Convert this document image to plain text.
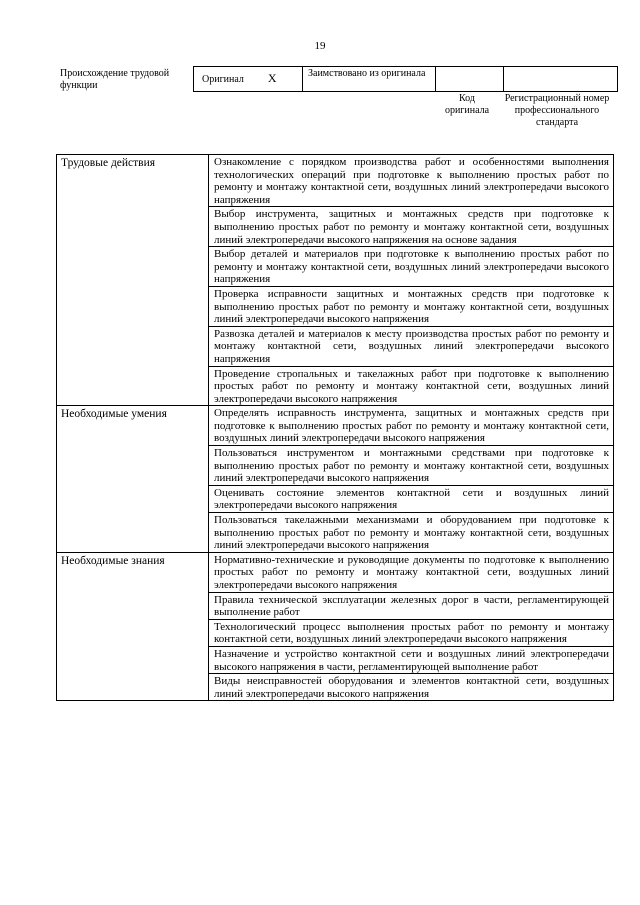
19
Происхождение трудовой функции
Оригинал X	Заимствовано из оригинала		
Код оригинала
Регистрационный номер профессионального стандарта
Трудовые действия	Ознакомление с порядком производства работ и особенностями выполнения технологических операций при подготовке к выполнению простых работ по ремонту и монтажу контактной сети, воздушных линий электропередачи высокого напряжения
	Выбор инструмента, защитных и монтажных средств при подготовке к выполнению простых работ по ремонту и монтажу контактной сети, воздушных линий электропередачи высокого напряжения на основе задания
	Выбор деталей и материалов при подготовке к выполнению простых работ по ремонту и монтажу контактной сети, воздушных линий электропередачи высокого напряжения
	Проверка исправности защитных и монтажных средств при подготовке к выполнению простых работ по ремонту и монтажу контактной сети, воздушных линий электропередачи высокого напряжения
	Развозка деталей и материалов к месту производства простых работ по ремонту и монтажу контактной сети, воздушных линий электропередачи высокого напряжения
	Проведение стропальных и такелажных работ при подготовке к выполнению простых работ по ремонту и монтажу контактной сети, воздушных линий электропередачи высокого напряжения
Необходимые умения	Определять исправность инструмента, защитных и монтажных средств при подготовке к выполнению простых работ по ремонту и монтажу контактной сети, воздушных линий электропередачи высокого напряжения
	Пользоваться инструментом и монтажными средствами при подготовке к выполнению простых работ по ремонту и монтажу контактной сети, воздушных линий электропередачи высокого напряжения
	Оценивать состояние элементов контактной сети и воздушных линий электропередачи высокого напряжения
	Пользоваться такелажными механизмами и оборудованием при подготовке к выполнению простых работ по ремонту и монтажу контактной сети, воздушных линий электропередачи высокого напряжения
Необходимые знания	Нормативно-технические и руководящие документы по подготовке к выполнению простых работ по ремонту и монтажу контактной сети, воздушных линий электропередачи высокого напряжения
	Правила технической эксплуатации железных дорог в части, регламентирующей выполнение работ
	Технологический процесс выполнения простых работ по ремонту и монтажу контактной сети, воздушных линий электропередачи высокого напряжения
	Назначение и устройство контактной сети и воздушных линий электропередачи высокого напряжения в части, регламентирующей выполнение работ
	Виды неисправностей оборудования и элементов контактной сети, воздушных линий электропередачи высокого напряжения
